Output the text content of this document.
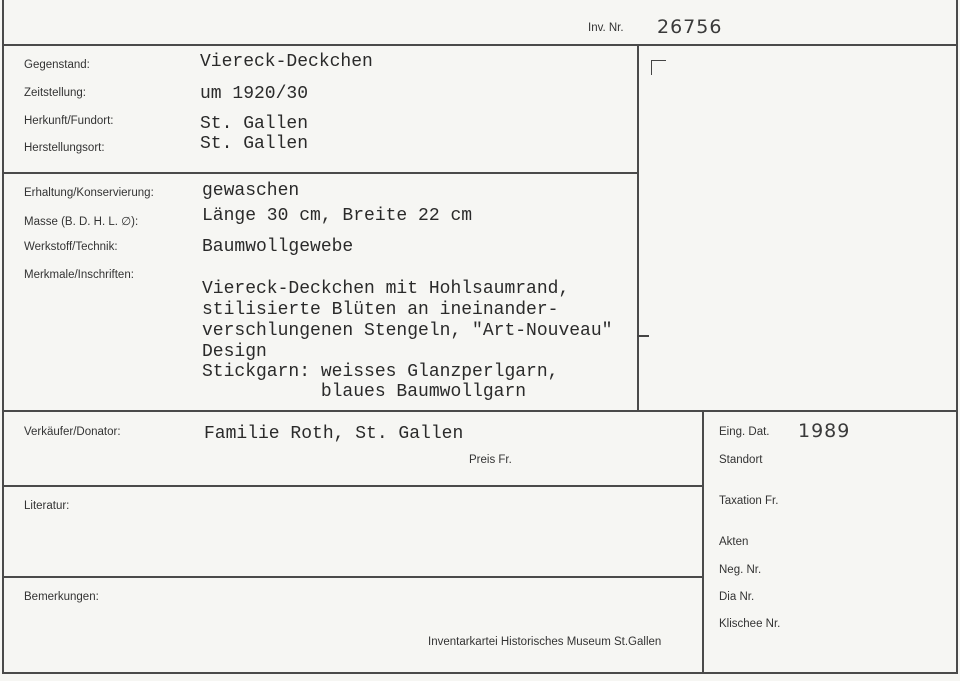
Inv. Nr. 26756
Gegenstand:	Viereck-Deckchen
Zeitstellung:	um 1920/30
Herkunft/Fundort:	St. Gallen
Herstellungsort:	St. Gallen
Erhaltung/Konservierung:	gewaschen
Masse (B. D. H. L. ∅):	Länge 30 cm, Breite 22 cm
Werkstoff/Technik:	Baumwollgewebe
Merkmale/Inschriften:
Viereck-Deckchen mit Hohlsaumrand,
stilisierte Blüten an ineinander-
verschlungenen Stengeln, "Art-Nouveau"
Design
Stickgarn: weisses Glanzperlgarn,
blaues Baumwollgarn
Verkäufer/Donator:	Familie Roth, St. Gallen
Preis Fr.
Literatur:
Bemerkungen:
Inventarkartei Historisches Museum St.Gallen
Eing. Dat. 1989
Standort
Taxation Fr.
Akten
Neg. Nr.
Dia Nr.
Klischee Nr.
